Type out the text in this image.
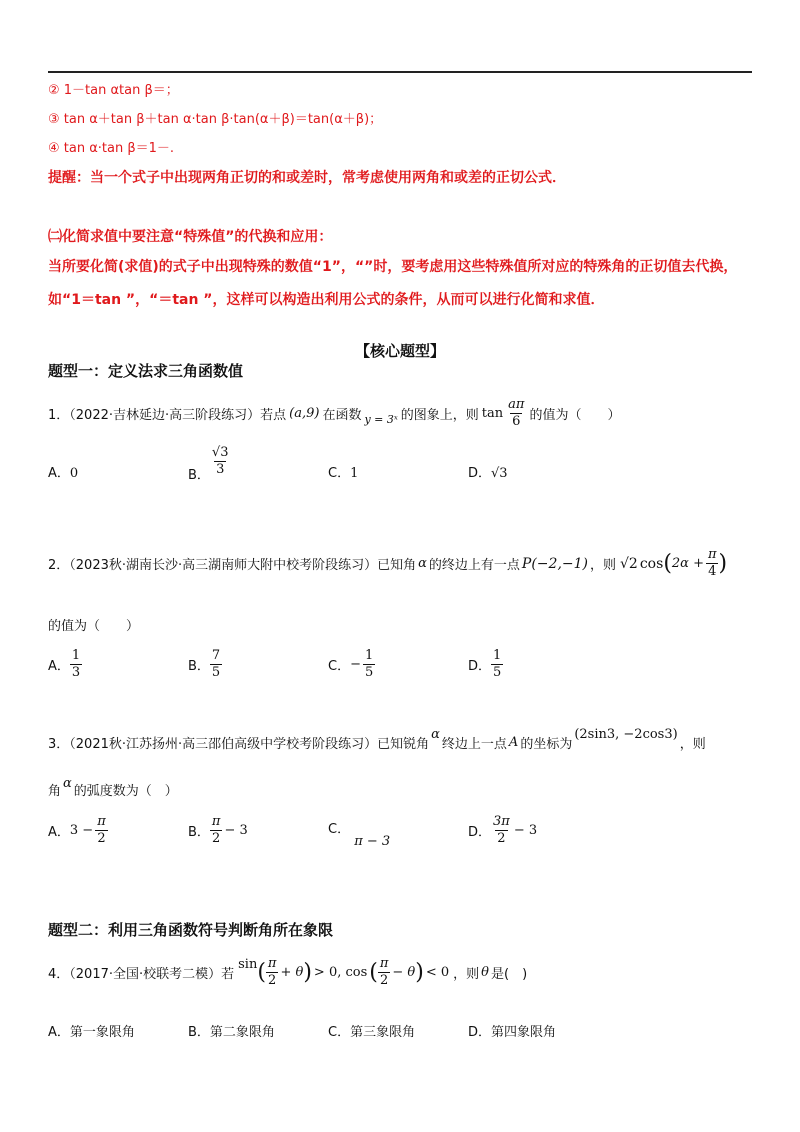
② 1－tan αtan β＝；
③ tan α＋tan β＋tan α·tan β·tan(α＋β)＝tan(α＋β)；
④ tan α·tan β＝1－.
提醒：当一个式子中出现两角正切的和或差时，常考虑使用两角和或差的正切公式．
㈡化简求值中要注意“特殊值”的代换和应用：
当所要化简(求值)的式子中出现特殊的数值“1”，“”时，要考虑用这些特殊值所对应的特殊角的正切值去代换，
如“1＝tan ”，“＝tan ”，这样可以构造出利用公式的条件，从而可以进行化简和求值．
【核心题型】
题型一：定义法求三角函数值
1．（2022·吉林延边·高三阶段练习）若点 (a,9) 在函数 y = 3ˣ 的图象上，则 $\tan \frac{a\pi}{6}$ 的值为（　　）
A．0	B． $\frac{√3}{3}$	C．1	D．√3
2．（2023秋·湖南长沙·高三湖南师大附中校考阶段练习）已知角 α 的终边上有一点 P(−2,−1) ，则 √2 cos ( $2\alpha + \frac{\pi}{4}$ )
的值为（　　）
A． $\frac{1}{3}$	B． $\frac{7}{5}$	C． − $\frac{1}{5}$	D． $\frac{1}{5}$
3．（2021秋·江苏扬州·高三邵伯高级中学校考阶段练习）已知锐角
α
终边上一点 A 的坐标为
(2sin3, −2cos3)
，则
角
α
的弧度数为（　）
A． $3 - \frac{\pi}{2}$	B． $\frac{\pi}{2} - 3$	C． π − 3
D． $\frac{3\pi}{2} - 3$
题型二：利用三角函数符号判断角所在象限
4．（2017·全国·校联考二模）若
sin ( $\frac{\pi}{2} + \theta$ ) > 0, cos ( $\frac{\pi}{2} - \theta$ ) < 0 ，则 θ 是(　)
A．第一象限角	B．第二象限角	C．第三象限角	D．第四象限角
